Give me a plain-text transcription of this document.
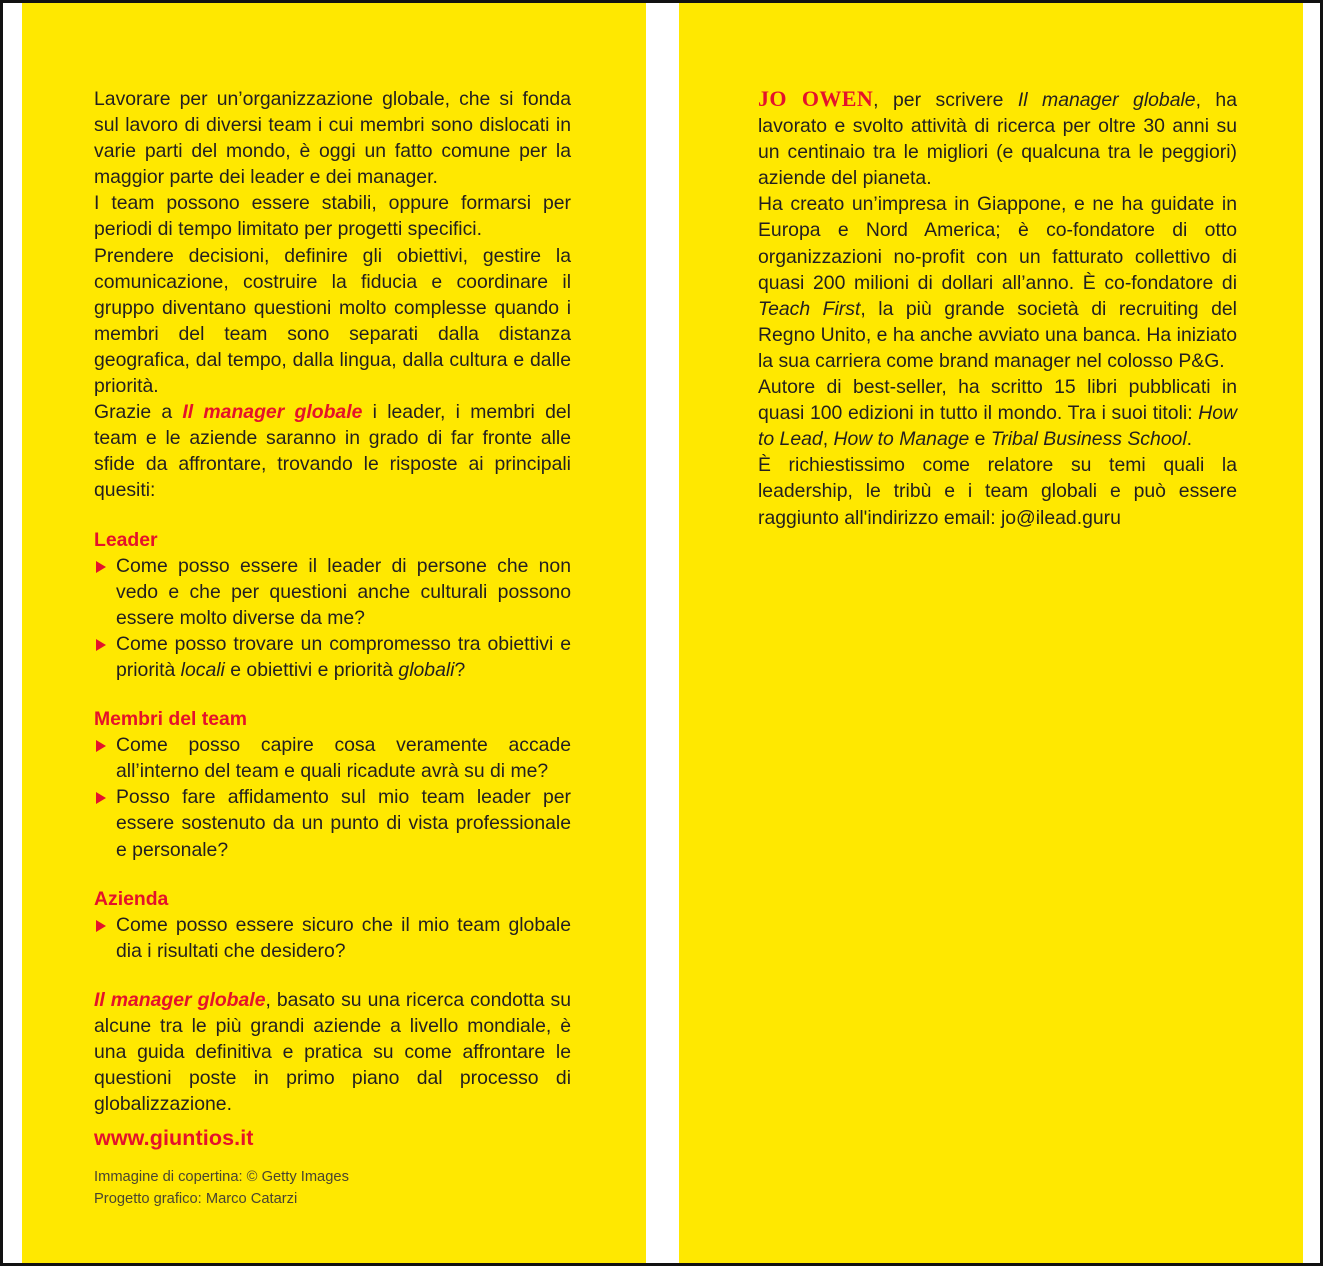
Lavorare per un’organizzazione globale, che si fonda sul lavoro di diversi team i cui membri sono dislocati in varie parti del mondo, è oggi un fatto comune per la maggior parte dei leader e dei manager.

I team possono essere stabili, oppure formarsi per periodi di tempo limitato per progetti specifici.

Prendere decisioni, definire gli obiettivi, gestire la comunicazione, costruire la fiducia e coordinare il gruppo diventano questioni molto complesse quando i membri del team sono separati dalla distanza geografica, dal tempo, dalla lingua, dalla cultura e dalle priorità.

Grazie a Il manager globale i leader, i membri del team e le aziende saranno in grado di far fronte alle sfide da affrontare, trovando le risposte ai principali quesiti:

Leader
Come posso essere il leader di persone che non vedo e che per questioni anche culturali possono essere molto diverse da me?
Come posso trovare un compromesso tra obiettivi e priorità locali e obiettivi e priorità globali?
Membri del team
Come posso capire cosa veramente accade all’interno del team e quali ricadute avrà su di me?
Posso fare affidamento sul mio team leader per essere sostenuto da un punto di vista professionale e personale?
Azienda
Come posso essere sicuro che il mio team globale dia i risultati che desidero?

Il manager globale, basato su una ricerca condotta su alcune tra le più grandi aziende a livello mondiale, è una guida definitiva e pratica su come affrontare le questioni poste in primo piano dal processo di globalizzazione.

www.giuntios.it

Immagine di copertina: © Getty Images

Progetto grafico: Marco Catarzi

JO OWEN, per scrivere Il manager globale, ha lavorato e svolto attività di ricerca per oltre 30 anni su un centinaio tra le migliori (e qualcuna tra le peggiori) aziende del pianeta.

Ha creato un’impresa in Giappone, e ne ha guidate in Europa e Nord America; è co-fondatore di otto organizzazioni no-profit con un fatturato collettivo di quasi 200 milioni di dollari all’anno. È co-fondatore di Teach First, la più grande società di recruiting del Regno Unito, e ha anche avviato una banca. Ha iniziato la sua carriera come brand manager nel colosso P&G.

Autore di best-seller, ha scritto 15 libri pubblicati in quasi 100 edizioni in tutto il mondo. Tra i suoi titoli: How to Lead, How to Manage e Tribal Business School.

È richiestissimo come relatore su temi quali la leadership, le tribù e i team globali e può essere raggiunto all'indirizzo email: jo@ilead.guru
